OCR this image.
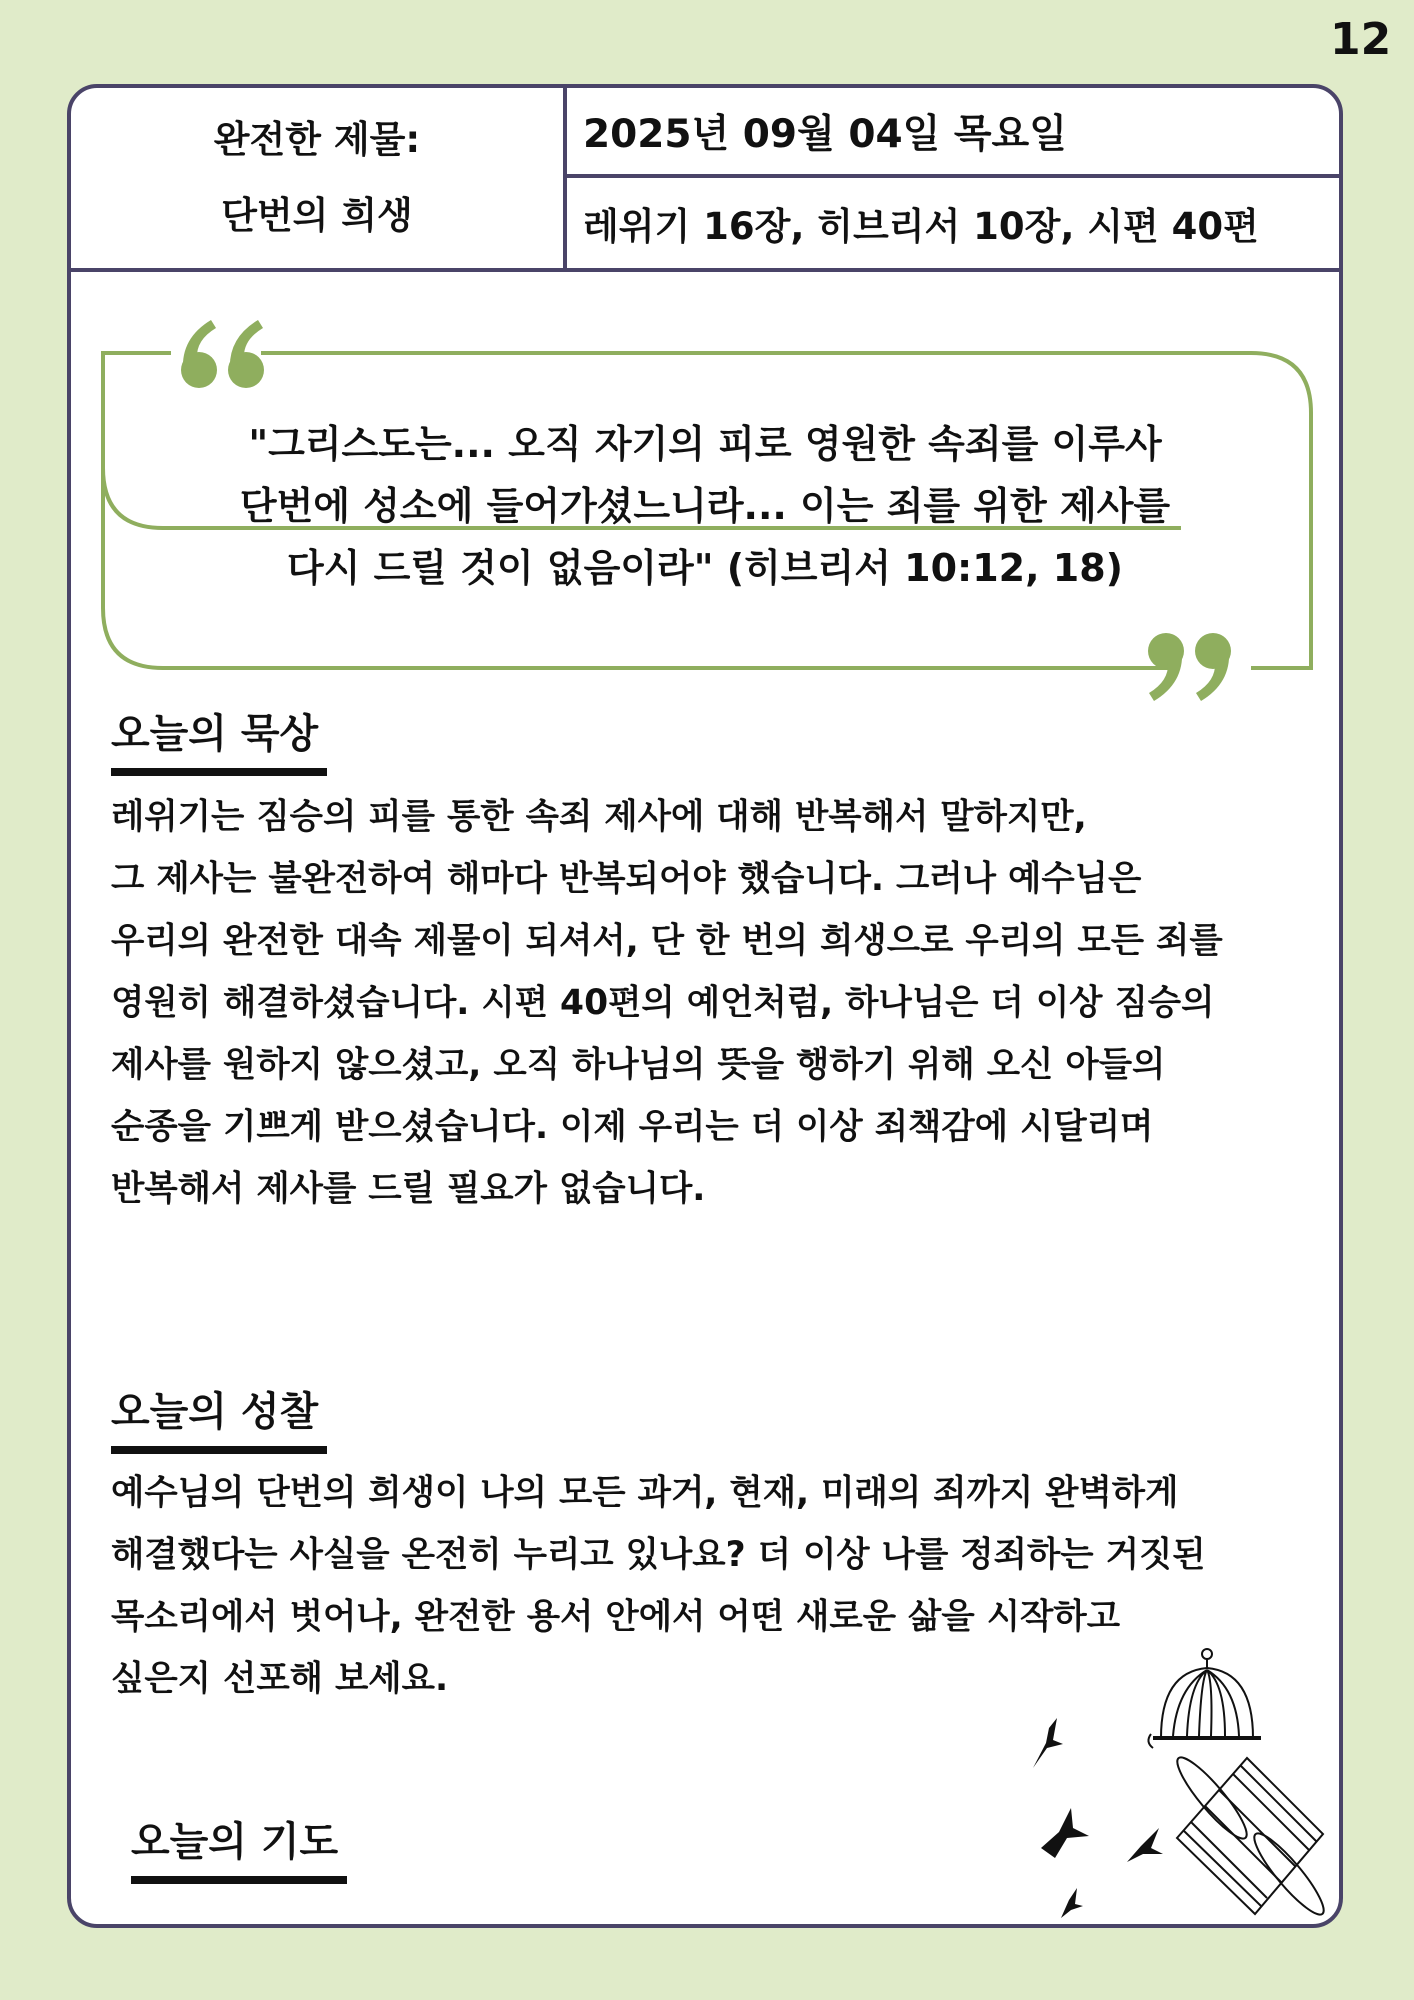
12
완전한 제물:
단번의 희생
2025년 09월 04일 목요일
레위기 16장, 히브리서 10장, 시편 40편
"그리스도는... 오직 자기의 피로 영원한 속죄를 이루사
단번에 성소에 들어가셨느니라... 이는 죄를 위한 제사를
다시 드릴 것이 없음이라" (히브리서 10:12, 18)
오늘의 묵상
레위기는 짐승의 피를 통한 속죄 제사에 대해 반복해서 말하지만,
그 제사는 불완전하여 해마다 반복되어야 했습니다. 그러나 예수님은
우리의 완전한 대속 제물이 되셔서, 단 한 번의 희생으로 우리의 모든 죄를
영원히 해결하셨습니다. 시편 40편의 예언처럼, 하나님은 더 이상 짐승의
제사를 원하지 않으셨고, 오직 하나님의 뜻을 행하기 위해 오신 아들의
순종을 기쁘게 받으셨습니다. 이제 우리는 더 이상 죄책감에 시달리며
반복해서 제사를 드릴 필요가 없습니다.
오늘의 성찰
예수님의 단번의 희생이 나의 모든 과거, 현재, 미래의 죄까지 완벽하게
해결했다는 사실을 온전히 누리고 있나요? 더 이상 나를 정죄하는 거짓된
목소리에서 벗어나, 완전한 용서 안에서 어떤 새로운 삶을 시작하고
싶은지 선포해 보세요.
오늘의 기도
